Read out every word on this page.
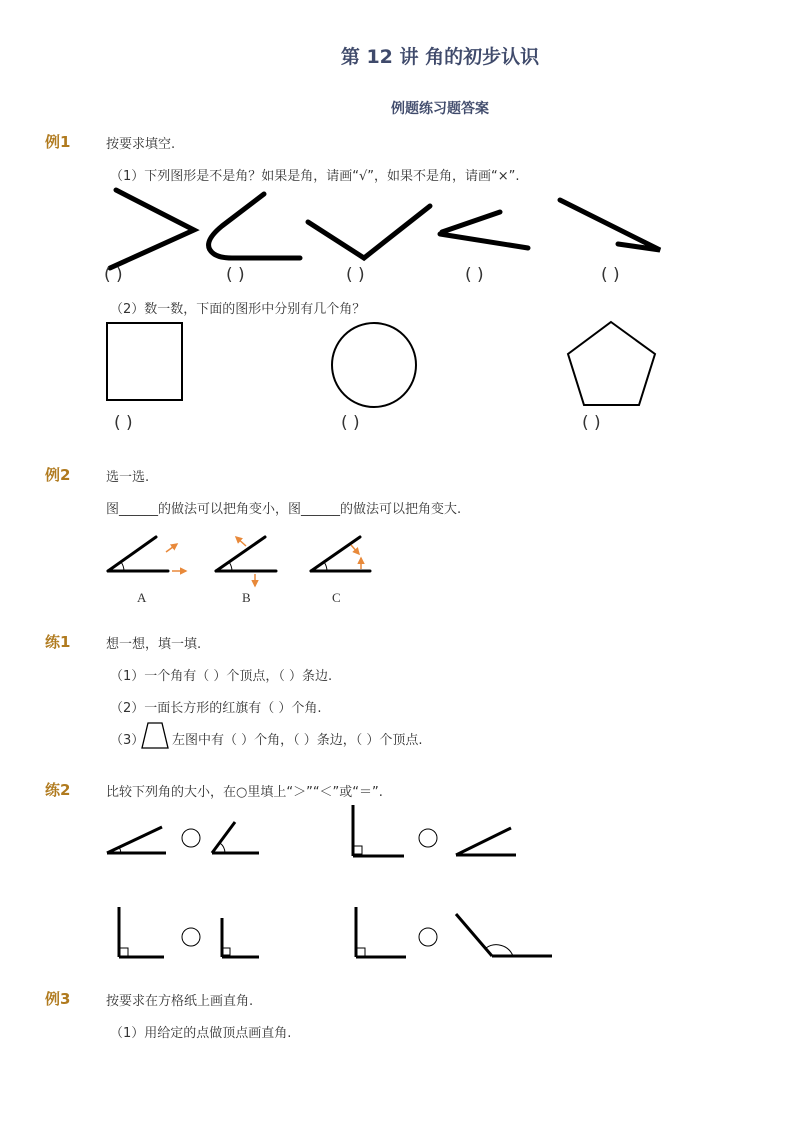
第 12 讲 角的初步认识
例题练习题答案
例1	按要求填空.
（1）下列图形是不是角？如果是角，请画“√”，如果不是角，请画“×”.
( )	( )	( )	( )	( )
（2）数一数，下面的图形中分别有几个角？
( )	( )	( )
例2	选一选.
图______的做法可以把角变小，图______的做法可以把角变大.
A	B	C
练1	想一想，填一填.
（1）一个角有（ ）个顶点，（ ）条边.
（2）一面长方形的红旗有（ ）个角.
（3） 左图中有（ ）个角，（ ）条边，（ ）个顶点.
练2	比较下列角的大小，在○里填上“＞”“＜”或“＝”.
例3	按要求在方格纸上画直角.
（1）用给定的点做顶点画直角.
